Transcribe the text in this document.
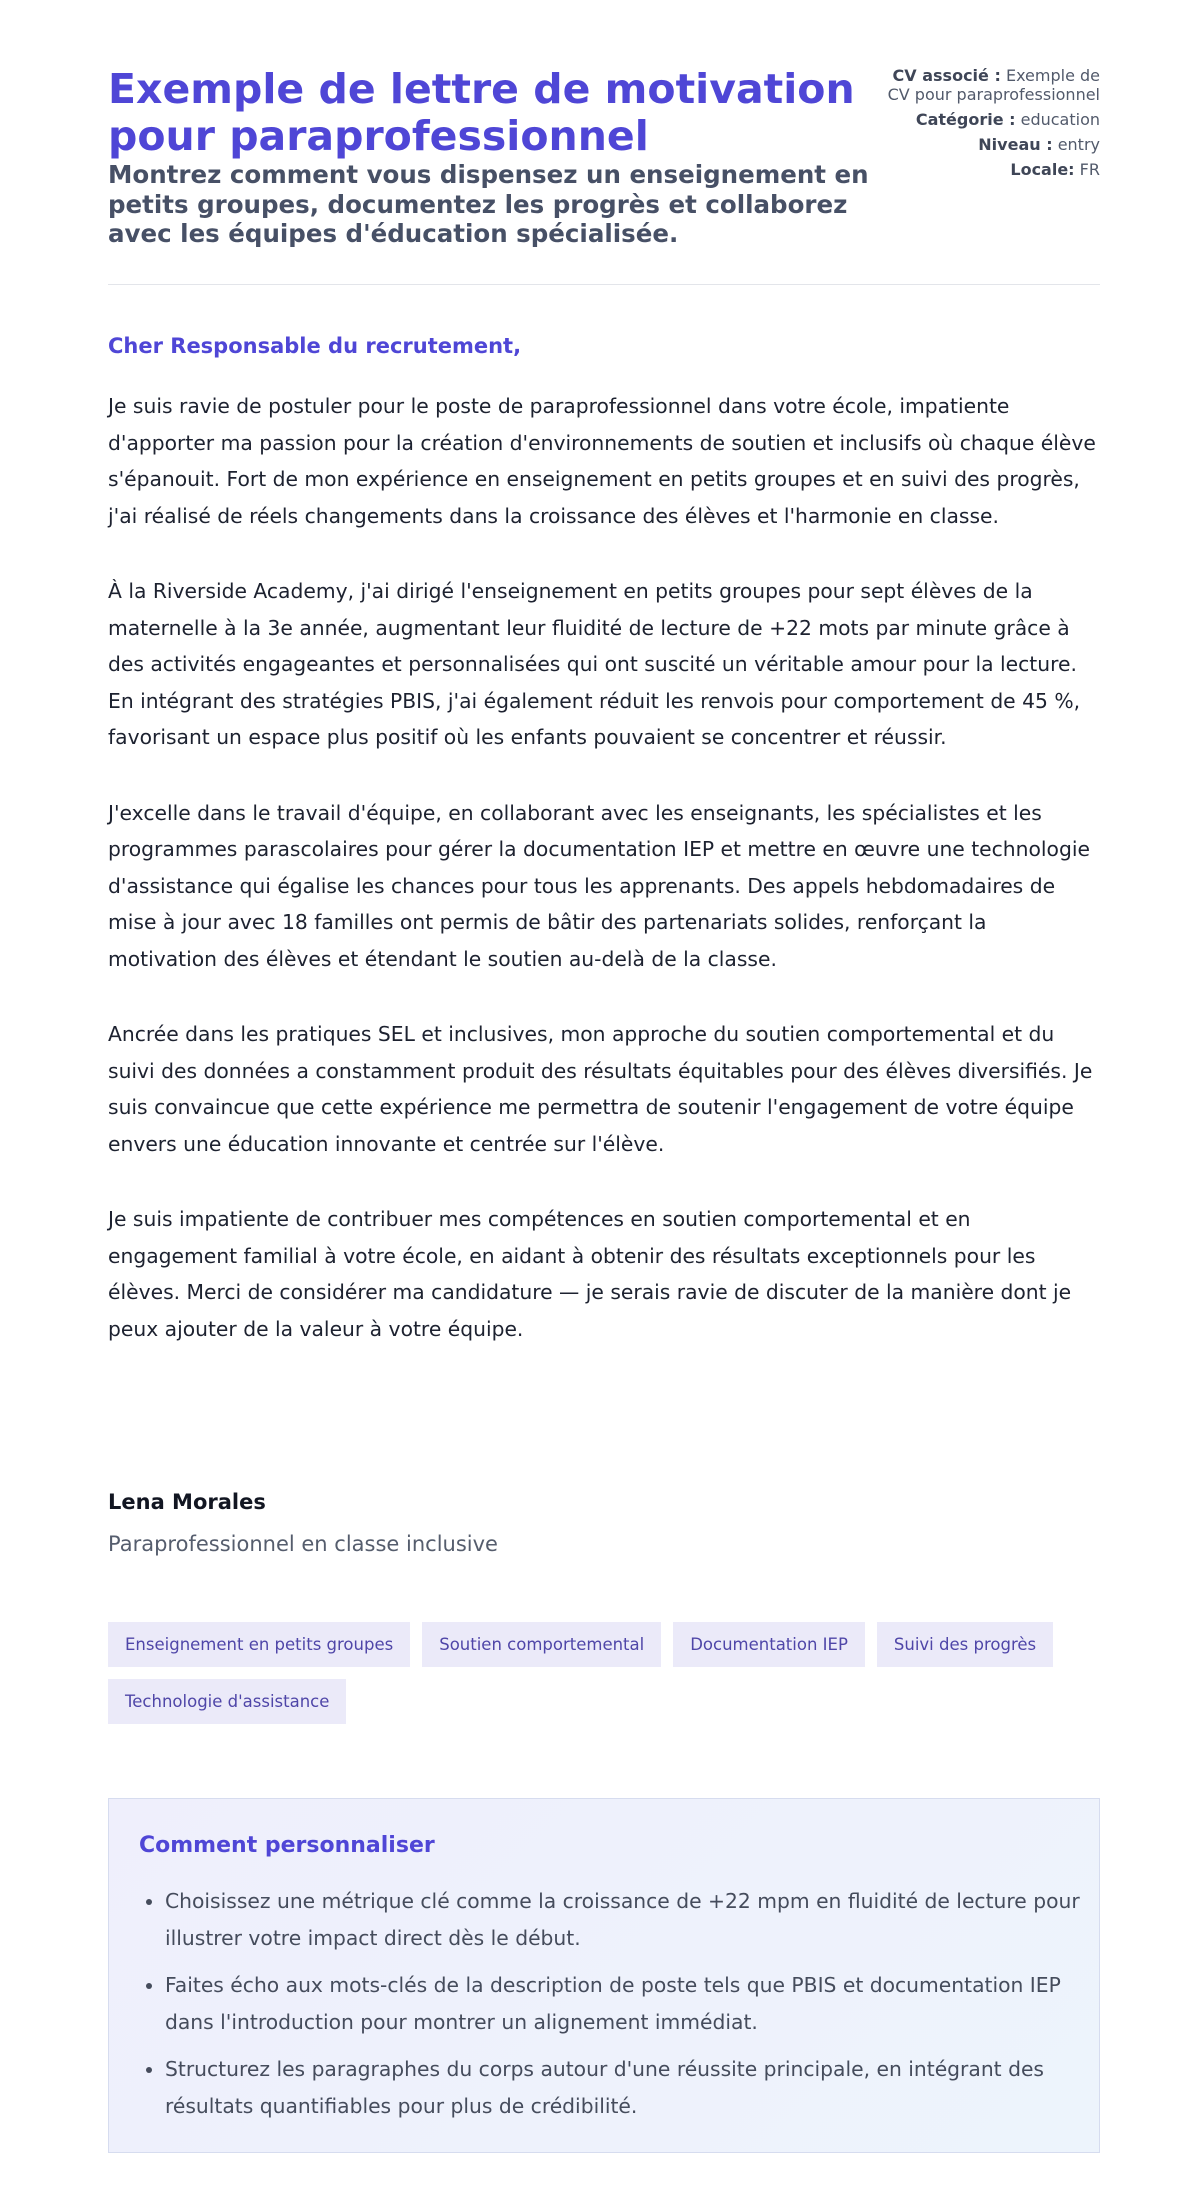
Exemple de lettre de motivation pour paraprofessionnel
Montrez comment vous dispensez un enseignement en petits groupes, documentez les progrès et collaborez avec les équipes d'éducation spécialisée.
CV associé : Exemple de CV pour paraprofessionnel
Catégorie : education
Niveau : entry
Locale: FR

Cher Responsable du recrutement,

Je suis ravie de postuler pour le poste de paraprofessionnel dans votre école, impatiente d'apporter ma passion pour la création d'environnements de soutien et inclusifs où chaque élève s'épanouit. Fort de mon expérience en enseignement en petits groupes et en suivi des progrès, j'ai réalisé de réels changements dans la croissance des élèves et l'harmonie en classe.

À la Riverside Academy, j'ai dirigé l'enseignement en petits groupes pour sept élèves de la maternelle à la 3e année, augmentant leur fluidité de lecture de +22 mots par minute grâce à des activités engageantes et personnalisées qui ont suscité un véritable amour pour la lecture. En intégrant des stratégies PBIS, j'ai également réduit les renvois pour comportement de 45 %, favorisant un espace plus positif où les enfants pouvaient se concentrer et réussir.

J'excelle dans le travail d'équipe, en collaborant avec les enseignants, les spécialistes et les programmes parascolaires pour gérer la documentation IEP et mettre en œuvre une technologie d'assistance qui égalise les chances pour tous les apprenants. Des appels hebdomadaires de mise à jour avec 18 familles ont permis de bâtir des partenariats solides, renforçant la motivation des élèves et étendant le soutien au-delà de la classe.

Ancrée dans les pratiques SEL et inclusives, mon approche du soutien comportemental et du suivi des données a constamment produit des résultats équitables pour des élèves diversifiés. Je suis convaincue que cette expérience me permettra de soutenir l'engagement de votre équipe envers une éducation innovante et centrée sur l'élève.

Je suis impatiente de contribuer mes compétences en soutien comportemental et en engagement familial à votre école, en aidant à obtenir des résultats exceptionnels pour les élèves. Merci de considérer ma candidature — je serais ravie de discuter de la manière dont je peux ajouter de la valeur à votre équipe.

Lena Morales
Paraprofessionnel en classe inclusive
Enseignement en petits groupes	Soutien comportemental	Documentation IEP	Suivi des progrès
Technologie d'assistance
Comment personnaliser
• Choisissez une métrique clé comme la croissance de +22 mpm en fluidité de lecture pour illustrer votre impact direct dès le début.
• Faites écho aux mots-clés de la description de poste tels que PBIS et documentation IEP dans l'introduction pour montrer un alignement immédiat.
• Structurez les paragraphes du corps autour d'une réussite principale, en intégrant des résultats quantifiables pour plus de crédibilité.
